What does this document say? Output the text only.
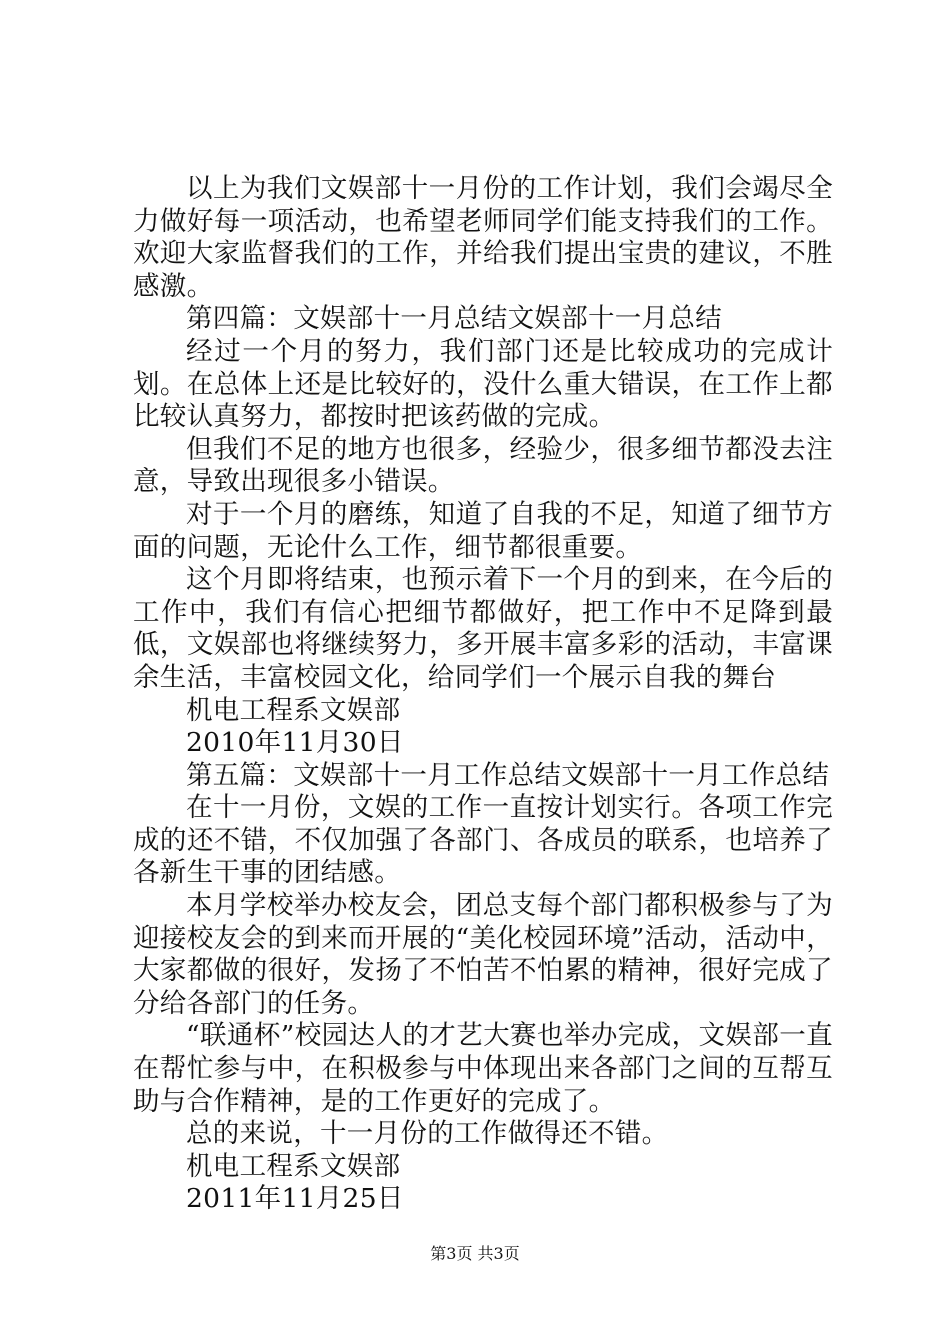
以上为我们文娱部十一月份的工作计划，我们会竭尽全力做好每一项活动，也希望老师同学们能支持我们的工作。欢迎大家监督我们的工作，并给我们提出宝贵的建议，不胜感激。

第四篇：文娱部十一月总结文娱部十一月总结

经过一个月的努力，我们部门还是比较成功的完成计划。在总体上还是比较好的，没什么重大错误，在工作上都比较认真努力，都按时把该药做的完成。

但我们不足的地方也很多，经验少，很多细节都没去注意，导致出现很多小错误。

对于一个月的磨练，知道了自我的不足，知道了细节方面的问题，无论什么工作，细节都很重要。

这个月即将结束，也预示着下一个月的到来，在今后的工作中，我们有信心把细节都做好，把工作中不足降到最低，文娱部也将继续努力，多开展丰富多彩的活动，丰富课余生活，丰富校园文化，给同学们一个展示自我的舞台

机电工程系文娱部

2010年11月30日

第五篇：文娱部十一月工作总结文娱部十一月工作总结

在十一月份，文娱的工作一直按计划实行。各项工作完成的还不错，不仅加强了各部门、各成员的联系，也培养了各新生干事的团结感。

本月学校举办校友会，团总支每个部门都积极参与了为迎接校友会的到来而开展的“美化校园环境”活动，活动中，大家都做的很好，发扬了不怕苦不怕累的精神，很好完成了分给各部门的任务。

“联通杯”校园达人的才艺大赛也举办完成，文娱部一直在帮忙参与中，在积极参与中体现出来各部门之间的互帮互助与合作精神，是的工作更好的完成了。

总的来说，十一月份的工作做得还不错。

机电工程系文娱部

2011年11月25日

第3页 共3页
